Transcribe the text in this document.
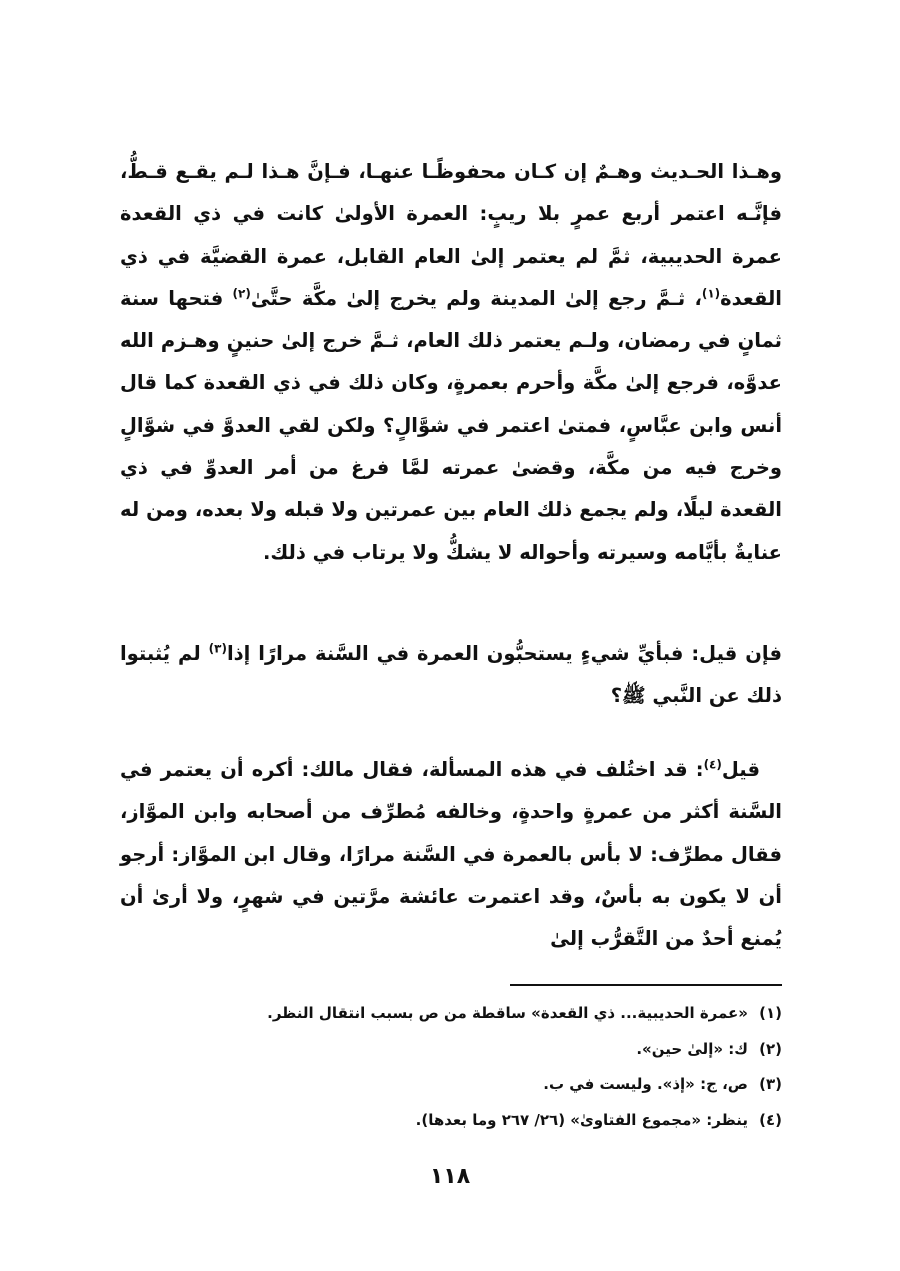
وهـذا الحـديث وهـمٌ إن كـان محفوظًـا عنهـا، فـإنَّ هـذا لـم يقـع قـطُّ، فإنَّـه اعتمر أربع عمرٍ بلا ريبٍ: العمرة الأولىٰ كانت في ذي القعدة عمرة الحديبية، ثمَّ لم يعتمر إلىٰ العام القابل، عمرة القضيَّة في ذي القعدة$^{(١)}$، ثـمَّ رجع إلىٰ المدينة ولم يخرج إلىٰ مكَّة حتَّىٰ$^{(٢)}$ فتحها سنة ثمانٍ في رمضان، ولـم يعتمر ذلك العام، ثـمَّ خرج إلىٰ حنينٍ وهـزم الله عدوَّه، فرجع إلىٰ مكَّة وأحرم بعمرةٍ، وكان ذلك في ذي القعدة كما قال أنس وابن عبَّاسٍ، فمتىٰ اعتمر في شوَّالٍ؟ ولكن لقي العدوَّ في شوَّالٍ وخرج فيه من مكَّة، وقضىٰ عمرته لمَّا فرغ من أمر العدوِّ في ذي القعدة ليلًا، ولم يجمع ذلك العام بين عمرتين ولا قبله ولا بعده، ومن له عنايةٌ بأيَّامه وسيرته وأحواله لا يشكُّ ولا يرتاب في ذلك.

فإن قيل: فبأيِّ شيءٍ يستحبُّون العمرة في السَّنة مرارًا إذا$^{(٣)}$ لم يُثبتوا ذلك عن النَّبي ﷺ؟

قيل$^{(٤)}$: قد اختُلف في هذه المسألة، فقال مالك: أكره أن يعتمر في السَّنة أكثر من عمرةٍ واحدةٍ، وخالفه مُطرِّف من أصحابه وابن الموَّاز، فقال مطرِّف: لا بأس بالعمرة في السَّنة مرارًا، وقال ابن الموَّاز: أرجو أن لا يكون به بأسٌ، وقد اعتمرت عائشة مرَّتين في شهرٍ، ولا أرىٰ أن يُمنع أحدٌ من التَّقرُّب إلىٰ

(١)«عمرة الحديبية... ذي القعدة» ساقطة من ص بسبب انتقال النظر.
(٢)ك: «إلىٰ حين».
(٣)ص، ج: «إذ». وليست في ب.
(٤)ينظر: «مجموع الفتاوىٰ» (٢٦/ ٢٦٧ وما بعدها).
١١٨
